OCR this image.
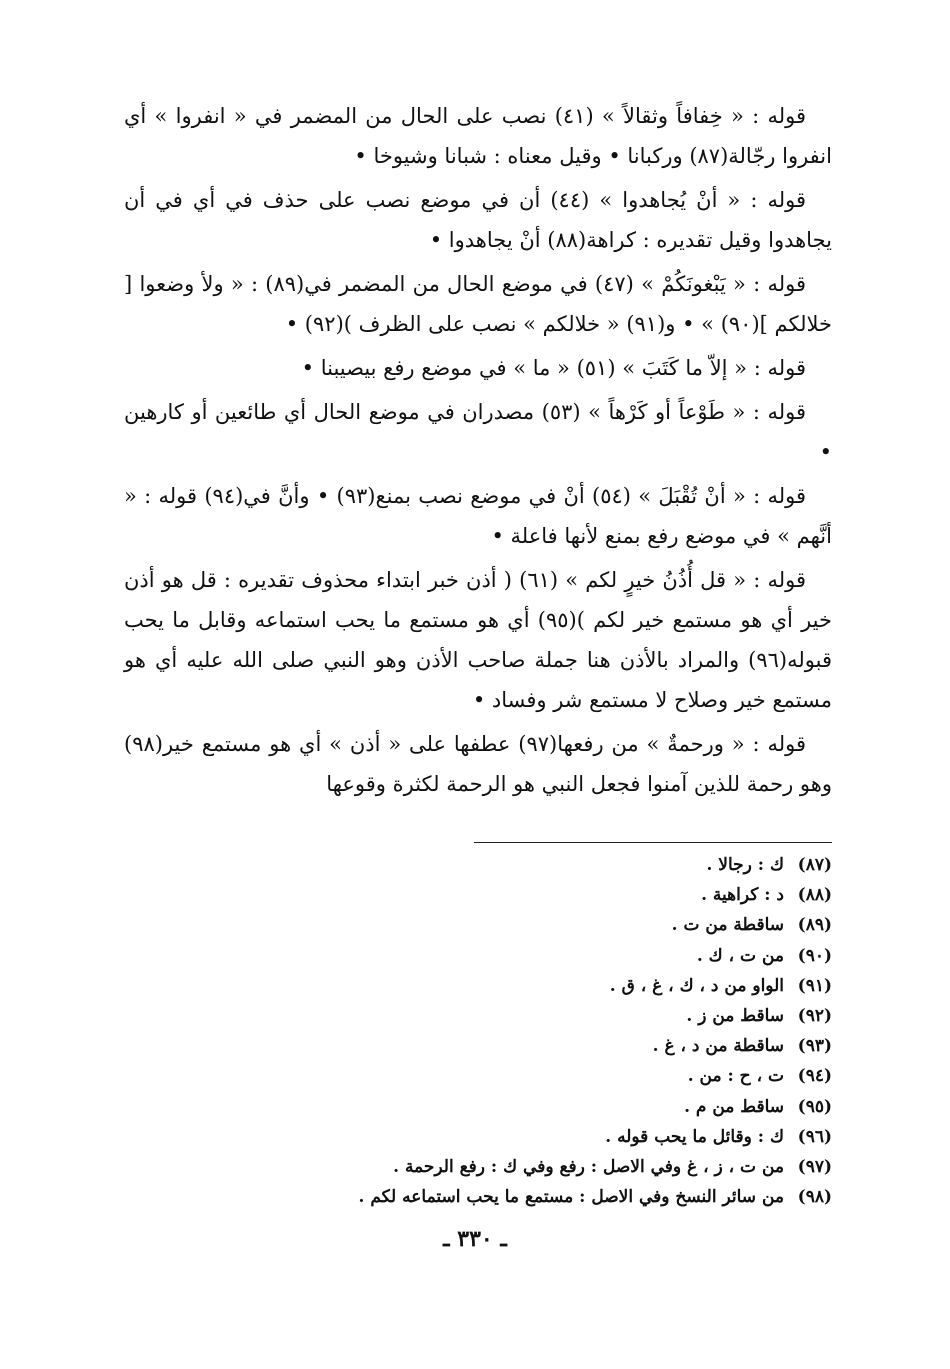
قوله : « خِفافاً وثقالاً » (٤١) نصب على الحال من المضمر في « انفروا » أي انفروا رجّالة(٨٧) وركبانا • وقيل معناه : شبانا وشيوخا •

قوله : « أنْ يُجاهدوا » (٤٤) أن في موضع نصب على حذف في أي في أن يجاهدوا وقيل تقديره : كراهة(٨٨) أنْ يجاهدوا •

قوله : « يَبْغونَكُمْ » (٤٧) في موضع الحال من المضمر في(٨٩) : « ولأ وضعوا [ خلالكم ](٩٠) » • و(٩١) « خلالكم » نصب على الظرف )(٩٢) •

قوله : « إلاّ ما كَتَبَ » (٥١) « ما » في موضع رفع بيصيبنا •

قوله : « طَوْعاً أو كَرْهاً » (٥٣) مصدران في موضع الحال أي طائعين أو كارهين •

قوله : « أنْ تُقْبَلَ » (٥٤) أنْ في موضع نصب بمنع(٩٣) • وأنَّ في(٩٤) قوله : « أنَّهم » في موضع رفع بمنع لأنها فاعلة •

قوله : « قل أُذُنُ خيرٍ لكم » (٦١) ( أذن خبر ابتداء محذوف تقديره : قل هو أذن خير أي هو مستمع خير لكم )(٩٥) أي هو مستمع ما يحب استماعه وقابل ما يحب قبوله(٩٦) والمراد بالأذن هنا جملة صاحب الأذن وهو النبي صلى الله عليه أي هو مستمع خير وصلاح لا مستمع شر وفساد •

قوله : « ورحمةٌ » من رفعها(٩٧) عطفها على « أذن » أي هو مستمع خير(٩٨) وهو رحمة للذين آمنوا فجعل النبي هو الرحمة لكثرة وقوعها

(٨٧)
ك : رجالا .
(٨٨)
د : كراهية .
(٨٩)
ساقطة من ت .
(٩٠)
من ت ، ك .
(٩١)
الواو من د ، ك ، غ ، ق .
(٩٢)
ساقط من ز .
(٩٣)
ساقطة من د ، غ .
(٩٤)
ت ، ح : من .
(٩٥)
ساقط من م .
(٩٦)
ك : وقائل ما يحب قوله .
(٩٧)
من ت ، ز ، غ وفي الاصل : رفع وفي ك : رفع الرحمة .
(٩٨)
من سائر النسخ وفي الاصل : مستمع ما يحب استماعه لكم .
ـ ٣٣٠ ـ
